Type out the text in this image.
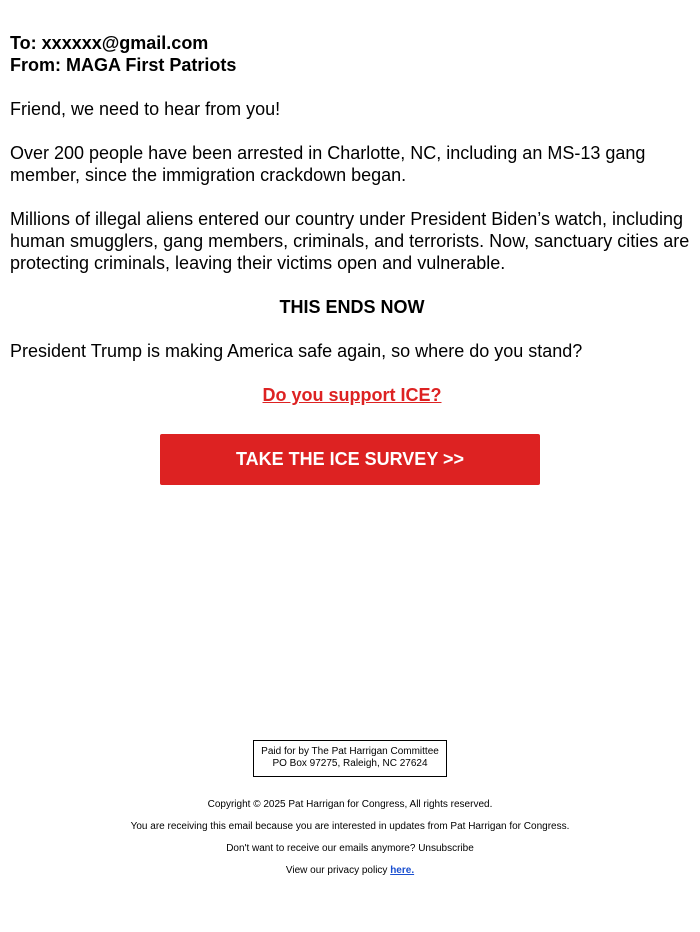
To: xxxxxx@gmail.com
From: MAGA First Patriots

Friend, we need to hear from you!

Over 200 people have been arrested in Charlotte, NC, including an MS-13 gang member, since the immigration crackdown began.

Millions of illegal aliens entered our country under President Biden’s watch, including human smugglers, gang members, criminals, and terrorists. Now, sanctuary cities are protecting criminals, leaving their victims open and vulnerable.

THIS ENDS NOW

President Trump is making America safe again, so where do you stand?

Do you support ICE?
TAKE THE ICE SURVEY >>
Paid for by The Pat Harrigan Committee
PO Box 97275, Raleigh, NC 27624

Copyright © 2025 Pat Harrigan for Congress, All rights reserved.

You are receiving this email because you are interested in updates from Pat Harrigan for Congress.

Don't want to receive our emails anymore? Unsubscribe

View our privacy policy here.
